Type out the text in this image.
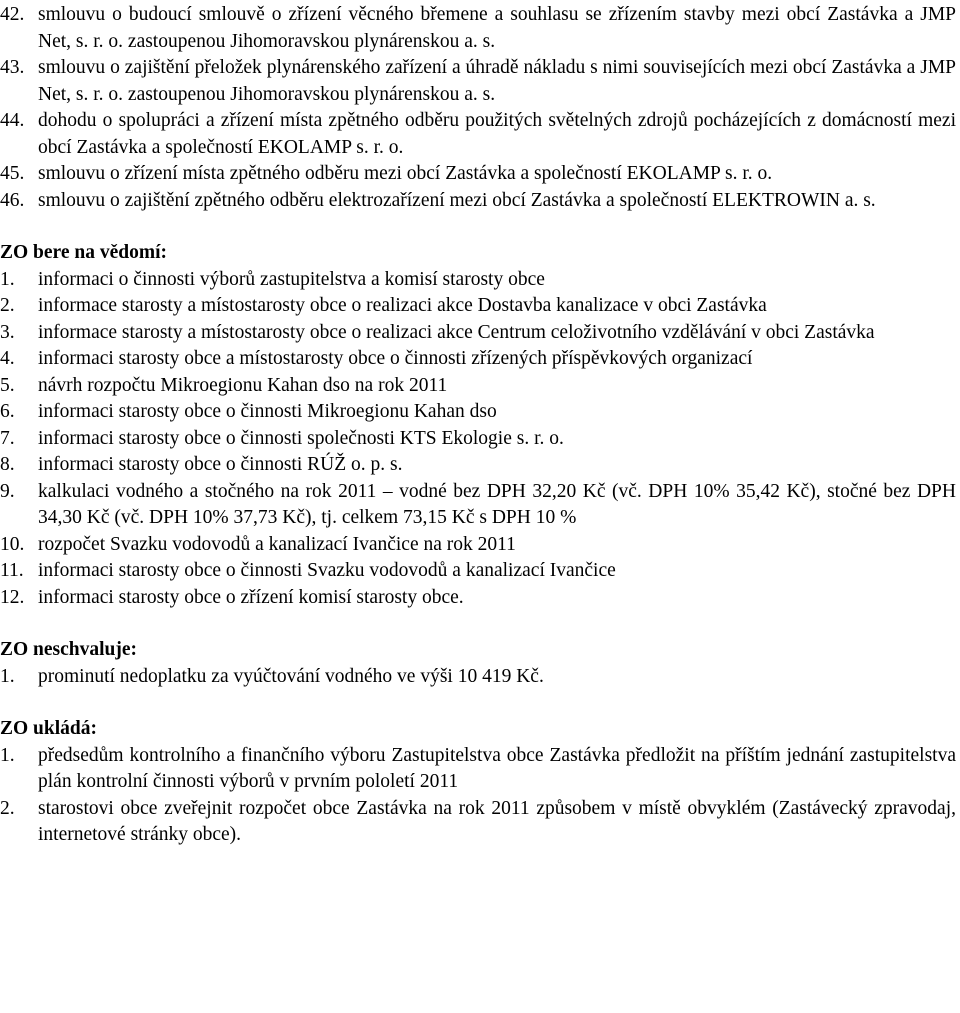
42. smlouvu o budoucí smlouvě o zřízení věcného břemene a souhlasu se zřízením stavby mezi obcí Zastávka a JMP Net, s. r. o. zastoupenou Jihomoravskou plynárenskou a. s.
43. smlouvu o zajištění přeložek plynárenského zařízení a úhradě nákladu s nimi souvisejících mezi obcí Zastávka a JMP Net, s. r. o. zastoupenou Jihomoravskou plynárenskou a. s.
44. dohodu o spolupráci a zřízení místa zpětného odběru použitých světelných zdrojů pocházejících z domácností mezi obcí Zastávka a společností EKOLAMP s. r. o.
45. smlouvu o zřízení místa zpětného odběru mezi obcí Zastávka a společností EKOLAMP s. r. o.
46. smlouvu o zajištění zpětného odběru elektrozařízení mezi obcí Zastávka a společností ELEKTROWIN a. s.
ZO bere na vědomí:
1. informaci o činnosti výborů zastupitelstva a komisí starosty obce
2. informace starosty a místostarosty obce o realizaci akce Dostavba kanalizace v obci Zastávka
3. informace starosty a místostarosty obce o realizaci akce Centrum celoživotního vzdělávání v obci Zastávka
4. informaci starosty obce a místostarosty obce o činnosti zřízených příspěvkových organizací
5. návrh rozpočtu Mikroegionu Kahan dso na rok 2011
6. informaci starosty obce o činnosti Mikroegionu Kahan dso
7. informaci starosty obce o činnosti společnosti KTS Ekologie s. r. o.
8. informaci starosty obce o činnosti RÚŽ o. p. s.
9. kalkulaci vodného a stočného na rok 2011 – vodné bez DPH 32,20 Kč (vč. DPH 10% 35,42 Kč), stočné bez DPH 34,30 Kč (vč. DPH 10% 37,73 Kč), tj. celkem 73,15 Kč s DPH 10 %
10. rozpočet Svazku vodovodů a kanalizací Ivančice na rok 2011
11. informaci starosty obce o činnosti Svazku vodovodů a kanalizací Ivančice
12. informaci starosty obce o zřízení komisí starosty obce.
ZO neschvaluje:
1. prominutí nedoplatku za vyúčtování vodného ve výši 10 419 Kč.
ZO ukládá:
1. předsedům kontrolního a finančního výboru Zastupitelstva obce Zastávka předložit na příštím jednání zastupitelstva plán kontrolní činnosti výborů v prvním pololetí 2011
2. starostovi obce zveřejnit rozpočet obce Zastávka na rok 2011 způsobem v místě obvyklém (Zastávecký zpravodaj, internetové stránky obce).
